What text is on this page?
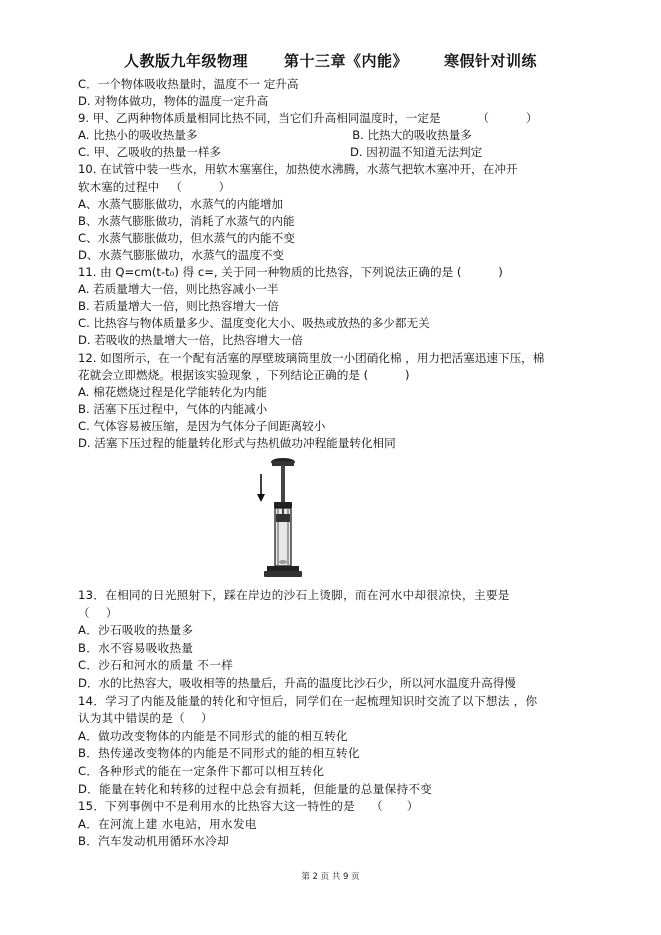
人教版九年级物理 第十三章《内能》 寒假针对训练
C．一个物体吸收热量时，温度不一 定升高
D. 对物体做功，物体的温度一定升高
9. 甲、乙两种物体质量相同比热不同，当它们升高相同温度时，一定是          （          ）
A. 比热小的吸收热量多                                          B. 比热大的吸收热量多
C. 甲、乙吸收的热量一样多                                   D. 因初温不知道无法判定
10. 在试管中装一些水，用软木塞塞住，加热使水沸腾，水蒸气把软木塞冲开，在冲开
软木塞的过程中   （          ）
A、水蒸气膨胀做功，水蒸气的内能增加
B、水蒸气膨胀做功，消耗了水蒸气的内能
C、水蒸气膨胀做功，但水蒸气的内能不变
D、水蒸气膨胀做功，水蒸气的温度不变
11. 由 Q=cm(t-t₀) 得 c=, 关于同一种物质的比热容，下列说法正确的是 (          )
A. 若质量增大一倍，则比热容减小一半
B. 若质量增大一倍，则比热容增大一倍
C. 比热容与物体质量多少、温度变化大小、吸热或放热的多少都无关
D. 若吸收的热量增大一倍，比热容增大一倍
12. 如图所示，在一个配有活塞的厚壁玻璃筒里放一小团硝化棉 ，用力把活塞迅速下压，棉
花就会立即燃烧。根据该实验现象 ，下列结论正确的是 (          )
A. 棉花燃烧过程是化学能转化为内能
B. 活塞下压过程中，气体的内能减小
C. 气体容易被压缩，是因为气体分子间距离较小
D. 活塞下压过程的能量转化形式与热机做功冲程能量转化相同
13．在相同的日光照射下，踩在岸边的沙石上烫脚，而在河水中却很凉快，主要是
（    ）
A．沙石吸收的热量多
B．水不容易吸收热量
C．沙石和河水的质量 不一样
D．水的比热容大，吸收相等的热量后，升高的温度比沙石少，所以河水温度升高得慢
14．学习了内能及能量的转化和守恒后，同学们在一起梳理知识时交流了以下想法 ，你
认为其中错误的是（    ）
A．做功改变物体的内能是不同形式的能的相互转化
B．热传递改变物体的内能是不同形式的能的相互转化
C．各种形式的能在一定条件下都可以相互转化
D．能量在转化和转移的过程中总会有损耗，但能量的总量保持不变
15．下列事例中不是利用水的比热容大这一特性的是    （      ）
A．在河流上建 水电站，用水发电
B．汽车发动机用循环水冷却
第 2 页 共 9 页
